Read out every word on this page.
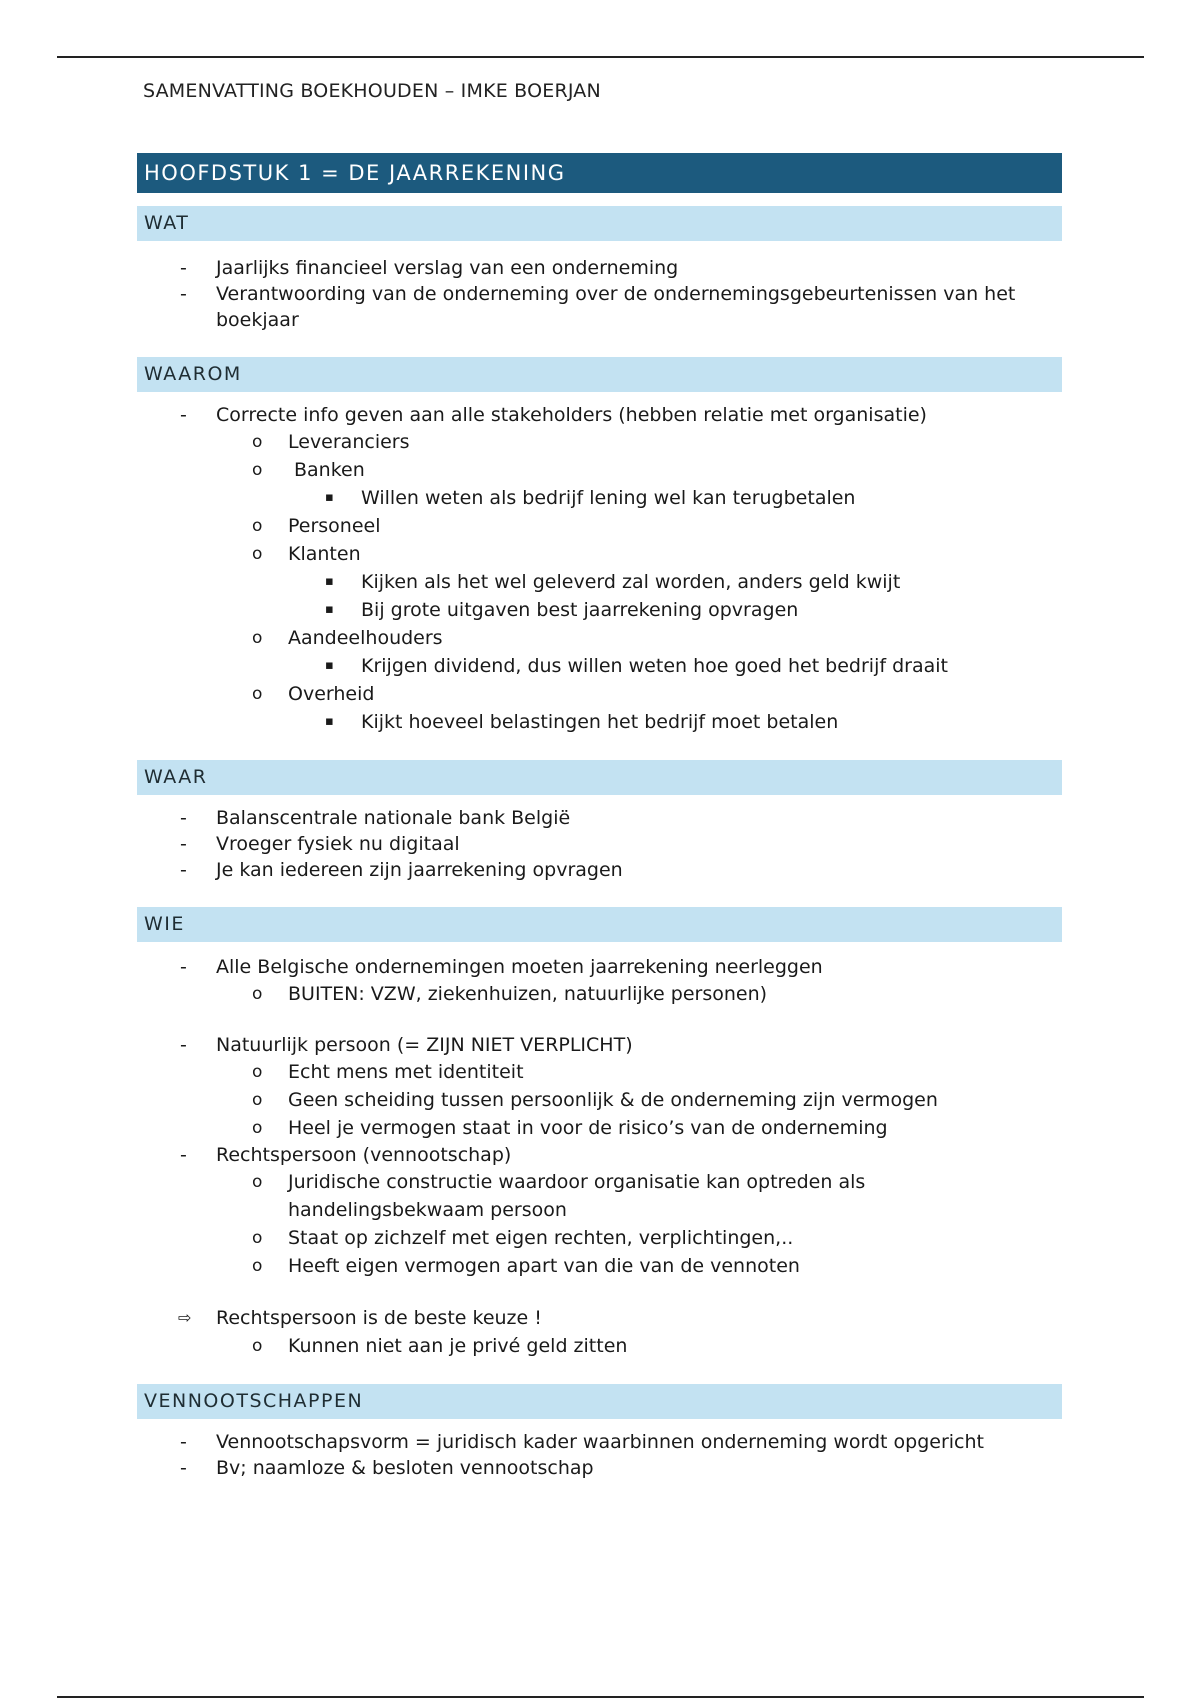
SAMENVATTING BOEKHOUDEN – IMKE BOERJAN
HOOFDSTUK 1 = DE JAARREKENING
WAT
- Jaarlijks financieel verslag van een onderneming
- Verantwoording van de onderneming over de ondernemingsgebeurtenissen van het boekjaar
WAAROM
- Correcte info geven aan alle stakeholders (hebben relatie met organisatie)
o Leveranciers
o Banken
▪ Willen weten als bedrijf lening wel kan terugbetalen
o Personeel
o Klanten
▪ Kijken als het wel geleverd zal worden, anders geld kwijt
▪ Bij grote uitgaven best jaarrekening opvragen
o Aandeelhouders
▪ Krijgen dividend, dus willen weten hoe goed het bedrijf draait
o Overheid
▪ Kijkt hoeveel belastingen het bedrijf moet betalen
WAAR
- Balanscentrale nationale bank België
- Vroeger fysiek nu digitaal
- Je kan iedereen zijn jaarrekening opvragen
WIE
- Alle Belgische ondernemingen moeten jaarrekening neerleggen
o BUITEN: VZW, ziekenhuizen, natuurlijke personen)
- Natuurlijk persoon (= ZIJN NIET VERPLICHT)
o Echt mens met identiteit
o Geen scheiding tussen persoonlijk & de onderneming zijn vermogen
o Heel je vermogen staat in voor de risico’s van de onderneming
- Rechtspersoon (vennootschap)
o Juridische constructie waardoor organisatie kan optreden als handelingsbekwaam persoon
o Staat op zichzelf met eigen rechten, verplichtingen,..
o Heeft eigen vermogen apart van die van de vennoten
⇨ Rechtspersoon is de beste keuze !
o Kunnen niet aan je privé geld zitten
VENNOOTSCHAPPEN
- Vennootschapsvorm = juridisch kader waarbinnen onderneming wordt opgericht
- Bv; naamloze & besloten vennootschap
